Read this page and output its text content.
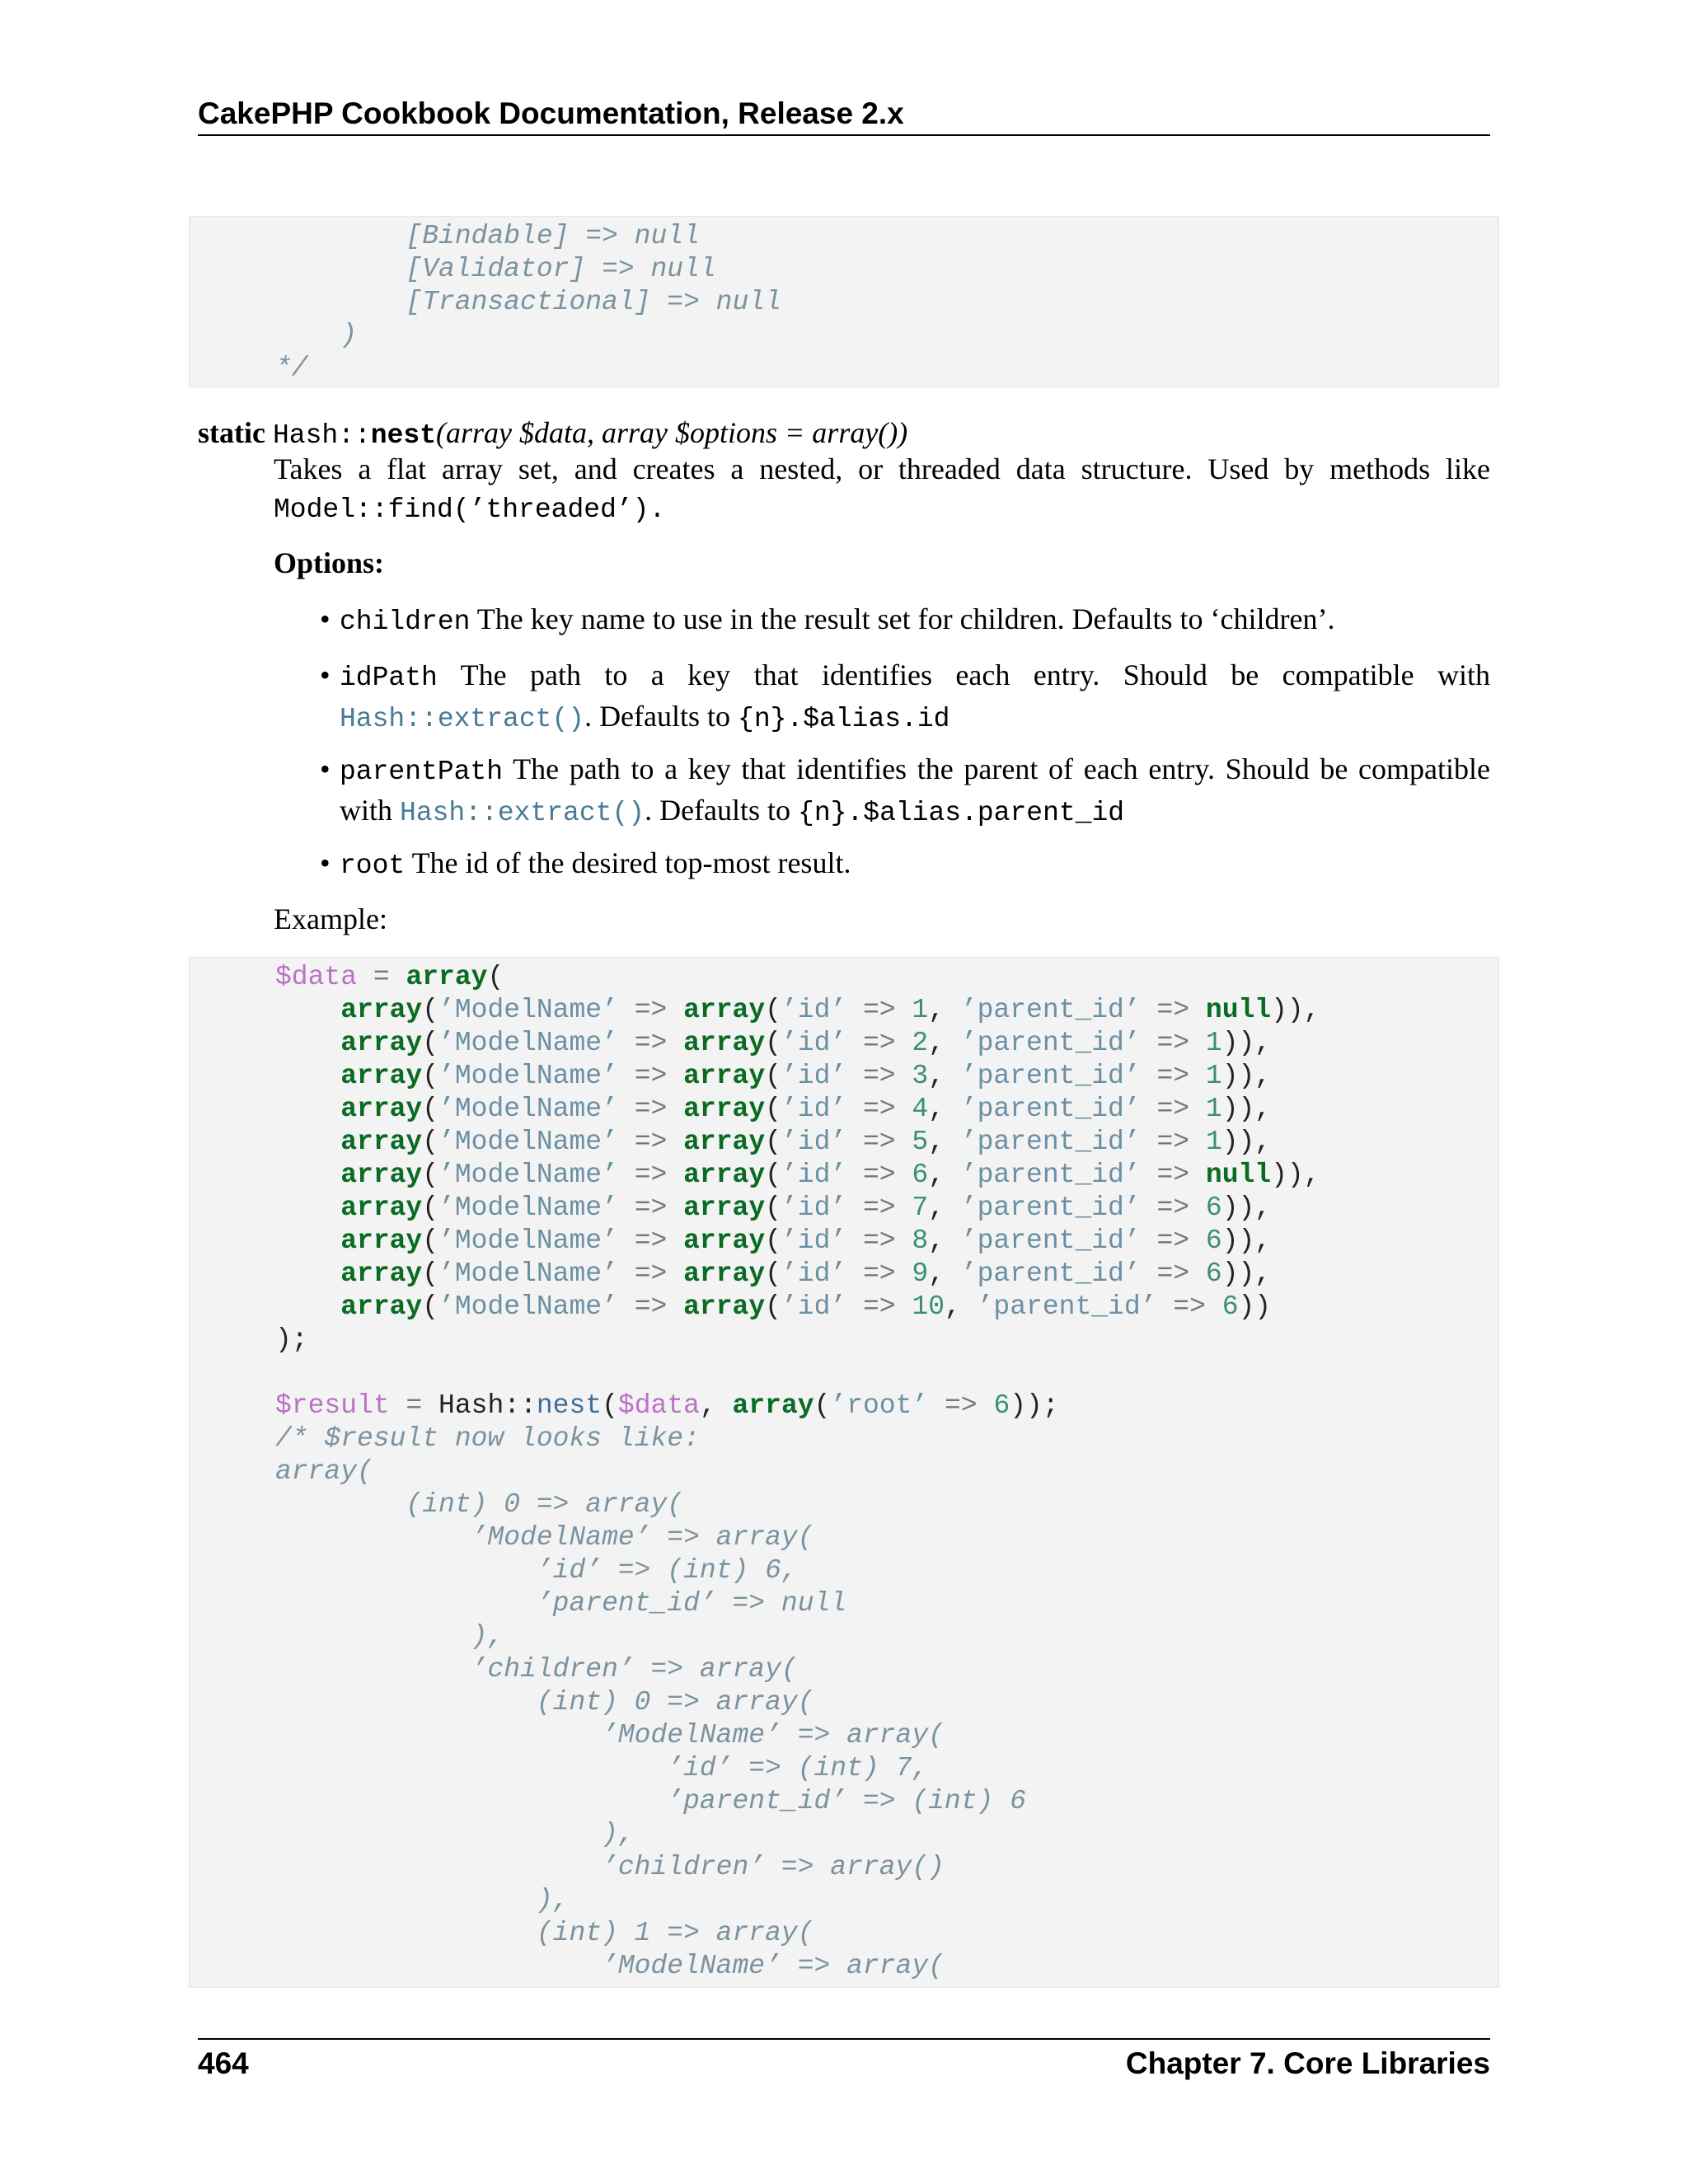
CakePHP Cookbook Documentation, Release 2.x
[Bindable] => null
[Validator] => null
[Transactional] => null
)
*/
static Hash::nest(array $data, array $options = array())
Takes a flat array set, and creates a nested, or threaded data structure. Used by methods like Model::find(’threaded’).
Options:
• children The key name to use in the result set for children. Defaults to ‘children’.
• idPath The path to a key that identifies each entry. Should be compatible with Hash::extract(). Defaults to {n}.$alias.id
• parentPath The path to a key that identifies the parent of each entry. Should be compatible with Hash::extract(). Defaults to {n}.$alias.parent_id
• root The id of the desired top-most result.
Example:
$data = array(
array(’ModelName’ => array(’id’ => 1, ’parent_id’ => null)),
array(’ModelName’ => array(’id’ => 2, ’parent_id’ => 1)),
array(’ModelName’ => array(’id’ => 3, ’parent_id’ => 1)),
array(’ModelName’ => array(’id’ => 4, ’parent_id’ => 1)),
array(’ModelName’ => array(’id’ => 5, ’parent_id’ => 1)),
array(’ModelName’ => array(’id’ => 6, ’parent_id’ => null)),
array(’ModelName’ => array(’id’ => 7, ’parent_id’ => 6)),
array(’ModelName’ => array(’id’ => 8, ’parent_id’ => 6)),
array(’ModelName’ => array(’id’ => 9, ’parent_id’ => 6)),
array(’ModelName’ => array(’id’ => 10, ’parent_id’ => 6))
);

$result = Hash::nest($data, array(’root’ => 6));
/* $result now looks like:
array(
(int) 0 => array(
’ModelName’ => array(
’id’ => (int) 6,
’parent_id’ => null
),
’children’ => array(
(int) 0 => array(
’ModelName’ => array(
’id’ => (int) 7,
’parent_id’ => (int) 6
),
’children’ => array()
),
(int) 1 => array(
’ModelName’ => array(
464	Chapter 7. Core Libraries
